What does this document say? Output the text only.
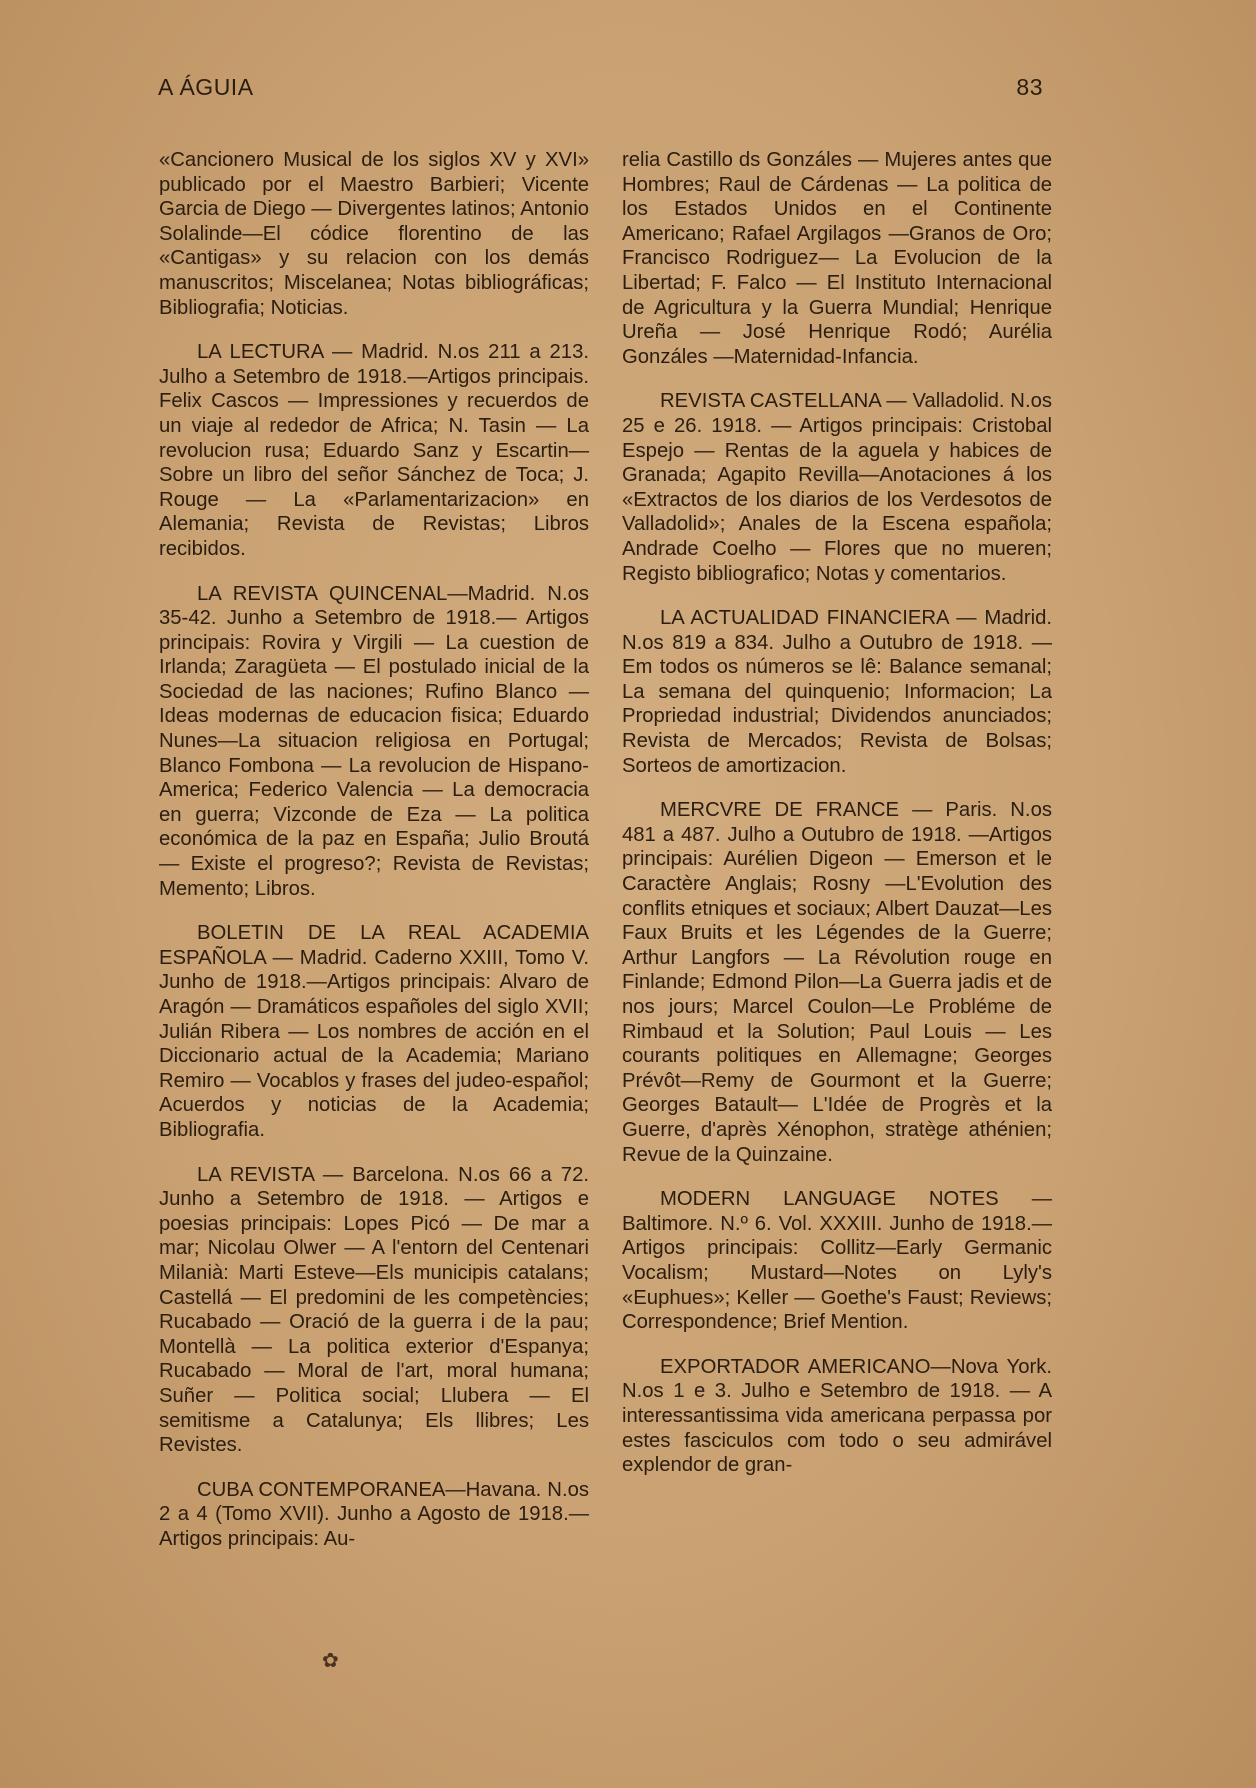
A ÁGUIA	83

«Cancionero Musical de los siglos XV y XVI» publicado por el Maestro Barbieri; Vicente Garcia de Diego — Divergentes latinos; Antonio Solalinde—El códice florentino de las «Cantigas» y su relacion con los demás manuscritos; Miscelanea; Notas bibliográficas; Bibliografia; Noticias.

LA LECTURA — Madrid. N.os 211 a 213. Julho a Setembro de 1918.—Artigos principais. Felix Cascos — Impressiones y recuerdos de un viaje al rededor de Africa; N. Tasin — La revolucion rusa; Eduardo Sanz y Escartin—Sobre un libro del señor Sánchez de Toca; J. Rouge — La «Parlamentarizacion» en Alemania; Revista de Revistas; Libros recibidos.

LA REVISTA QUINCENAL—Madrid. N.os 35-42. Junho a Setembro de 1918.— Artigos principais: Rovira y Virgili — La cuestion de Irlanda; Zaragüeta — El postulado inicial de la Sociedad de las naciones; Rufino Blanco — Ideas modernas de educacion fisica; Eduardo Nunes—La situacion religiosa en Portugal; Blanco Fombona — La revolucion de Hispano-America; Federico Valencia — La democracia en guerra; Vizconde de Eza — La politica económica de la paz en España; Julio Broutá — Existe el progreso?; Revista de Revistas; Memento; Libros.

BOLETIN DE LA REAL ACADEMIA ESPAÑOLA — Madrid. Caderno XXIII, Tomo V. Junho de 1918.—Artigos principais: Alvaro de Aragón — Dramáticos españoles del siglo XVII; Julián Ribera — Los nombres de acción en el Diccionario actual de la Academia; Mariano Remiro — Vocablos y frases del judeo-español; Acuerdos y noticias de la Academia; Bibliografia.

LA REVISTA — Barcelona. N.os 66 a 72. Junho a Setembro de 1918. — Artigos e poesias principais: Lopes Picó — De mar a mar; Nicolau Olwer — A l'entorn del Centenari Milanià: Marti Esteve—Els municipis catalans; Castellá — El predomini de les competències; Rucabado — Oració de la guerra i de la pau; Montellà — La politica exterior d'Espanya; Rucabado — Moral de l'art, moral humana; Suñer — Politica social; Llubera — El semitisme a Catalunya; Els llibres; Les Revistes.

CUBA CONTEMPORANEA—Havana. N.os 2 a 4 (Tomo XVII). Junho a Agosto de 1918.—Artigos principais: Au-

relia Castillo ds Gonzáles — Mujeres antes que Hombres; Raul de Cárdenas — La politica de los Estados Unidos en el Continente Americano; Rafael Argilagos —Granos de Oro; Francisco Rodriguez— La Evolucion de la Libertad; F. Falco — El Instituto Internacional de Agricultura y la Guerra Mundial; Henrique Ureña — José Henrique Rodó; Aurélia Gonzáles —Maternidad-Infancia.

REVISTA CASTELLANA — Valladolid. N.os 25 e 26. 1918. — Artigos principais: Cristobal Espejo — Rentas de la aguela y habices de Granada; Agapito Revilla—Anotaciones á los «Extractos de los diarios de los Verdesotos de Valladolid»; Anales de la Escena española; Andrade Coelho — Flores que no mueren; Registo bibliografico; Notas y comentarios.

LA ACTUALIDAD FINANCIERA — Madrid. N.os 819 a 834. Julho a Outubro de 1918. — Em todos os números se lê: Balance semanal; La semana del quinquenio; Informacion; La Propriedad industrial; Dividendos anunciados; Revista de Mercados; Revista de Bolsas; Sorteos de amortizacion.

MERCVRE DE FRANCE — Paris. N.os 481 a 487. Julho a Outubro de 1918. —Artigos principais: Aurélien Digeon — Emerson et le Caractère Anglais; Rosny —L'Evolution des conflits etniques et sociaux; Albert Dauzat—Les Faux Bruits et les Légendes de la Guerre; Arthur Langfors — La Révolution rouge en Finlande; Edmond Pilon—La Guerra jadis et de nos jours; Marcel Coulon—Le Probléme de Rimbaud et la Solution; Paul Louis — Les courants politiques en Allemagne; Georges Prévôt—Remy de Gourmont et la Guerre; Georges Batault— L'Idée de Progrès et la Guerre, d'après Xénophon, stratège athénien; Revue de la Quinzaine.

MODERN LANGUAGE NOTES — Baltimore. N.º 6. Vol. XXXIII. Junho de 1918.—Artigos principais: Collitz—Early Germanic Vocalism; Mustard—Notes on Lyly's «Euphues»; Keller — Goethe's Faust; Reviews; Correspondence; Brief Mention.

EXPORTADOR AMERICANO—Nova York. N.os 1 e 3. Julho e Setembro de 1918. — A interessantissima vida americana perpassa por estes fasciculos com todo o seu admirável explendor de gran-

✿
